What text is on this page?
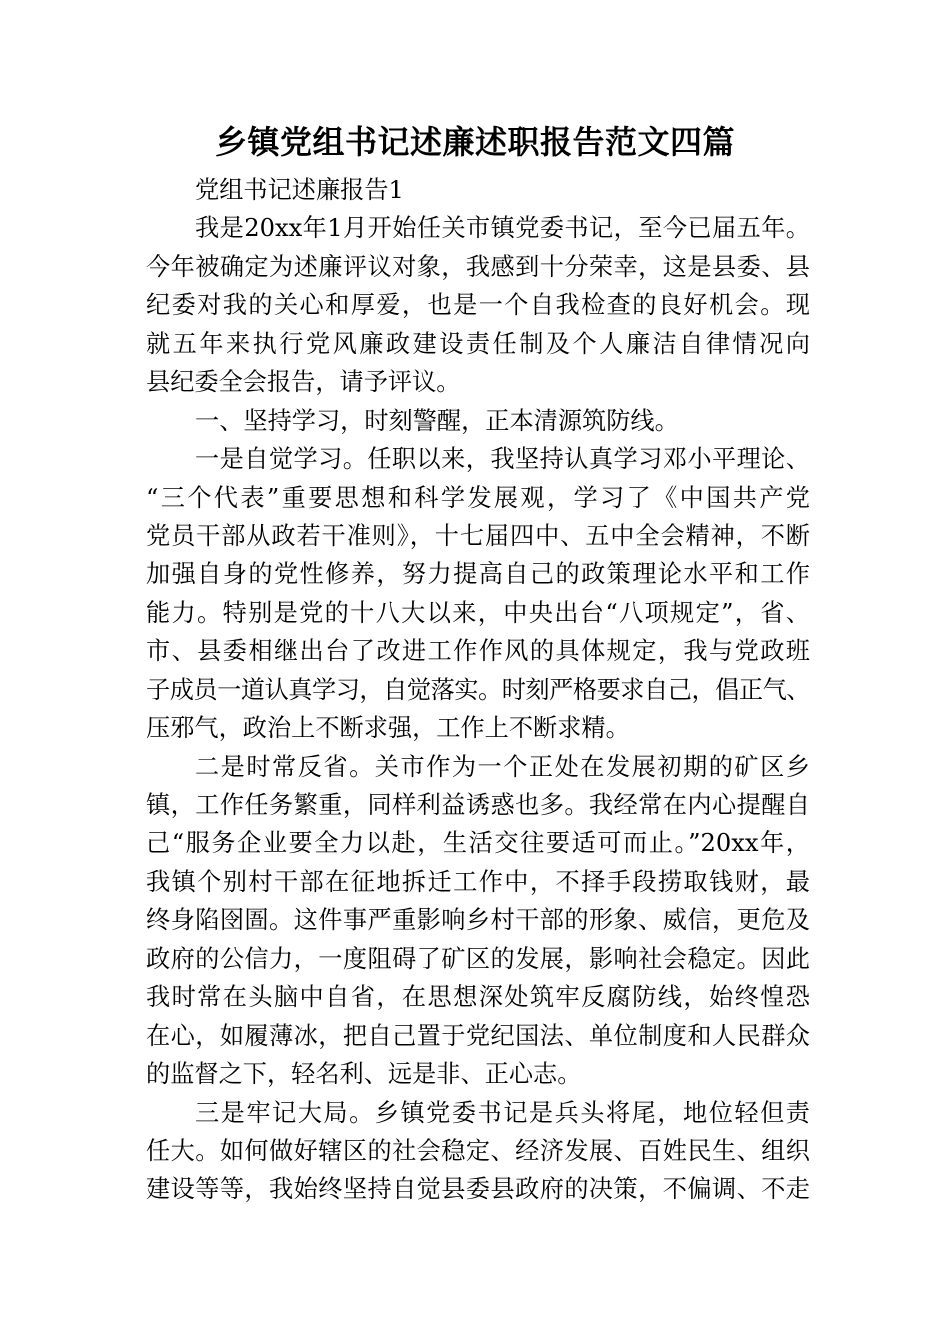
乡镇党组书记述廉述职报告范文四篇
党组书记述廉报告1
我是20xx年1月开始任关市镇党委书记，至今已届五年。
今年被确定为述廉评议对象，我感到十分荣幸，这是县委、县
纪委对我的关心和厚爱，也是一个自我检查的良好机会。现
就五年来执行党风廉政建设责任制及个人廉洁自律情况向
县纪委全会报告，请予评议。
一、坚持学习，时刻警醒，正本清源筑防线。
一是自觉学习。任职以来，我坚持认真学习邓小平理论、
“三个代表”重要思想和科学发展观，学习了《中国共产党
党员干部从政若干准则》，十七届四中、五中全会精神，不断
加强自身的党性修养，努力提高自己的政策理论水平和工作
能力。特别是党的十八大以来，中央出台“八项规定”，省、
市、县委相继出台了改进工作作风的具体规定，我与党政班
子成员一道认真学习，自觉落实。时刻严格要求自己，倡正气、
压邪气，政治上不断求强，工作上不断求精。
二是时常反省。关市作为一个正处在发展初期的矿区乡
镇，工作任务繁重，同样利益诱惑也多。我经常在内心提醒自
己“服务企业要全力以赴，生活交往要适可而止。”20xx年，
我镇个别村干部在征地拆迁工作中，不择手段捞取钱财，最
终身陷囹圄。这件事严重影响乡村干部的形象、威信，更危及
政府的公信力，一度阻碍了矿区的发展，影响社会稳定。因此
我时常在头脑中自省，在思想深处筑牢反腐防线，始终惶恐
在心，如履薄冰，把自己置于党纪国法、单位制度和人民群众
的监督之下，轻名利、远是非、正心志。
三是牢记大局。乡镇党委书记是兵头将尾，地位轻但责
任大。如何做好辖区的社会稳定、经济发展、百姓民生、组织
建设等等，我始终坚持自觉县委县政府的决策，不偏调、不走
